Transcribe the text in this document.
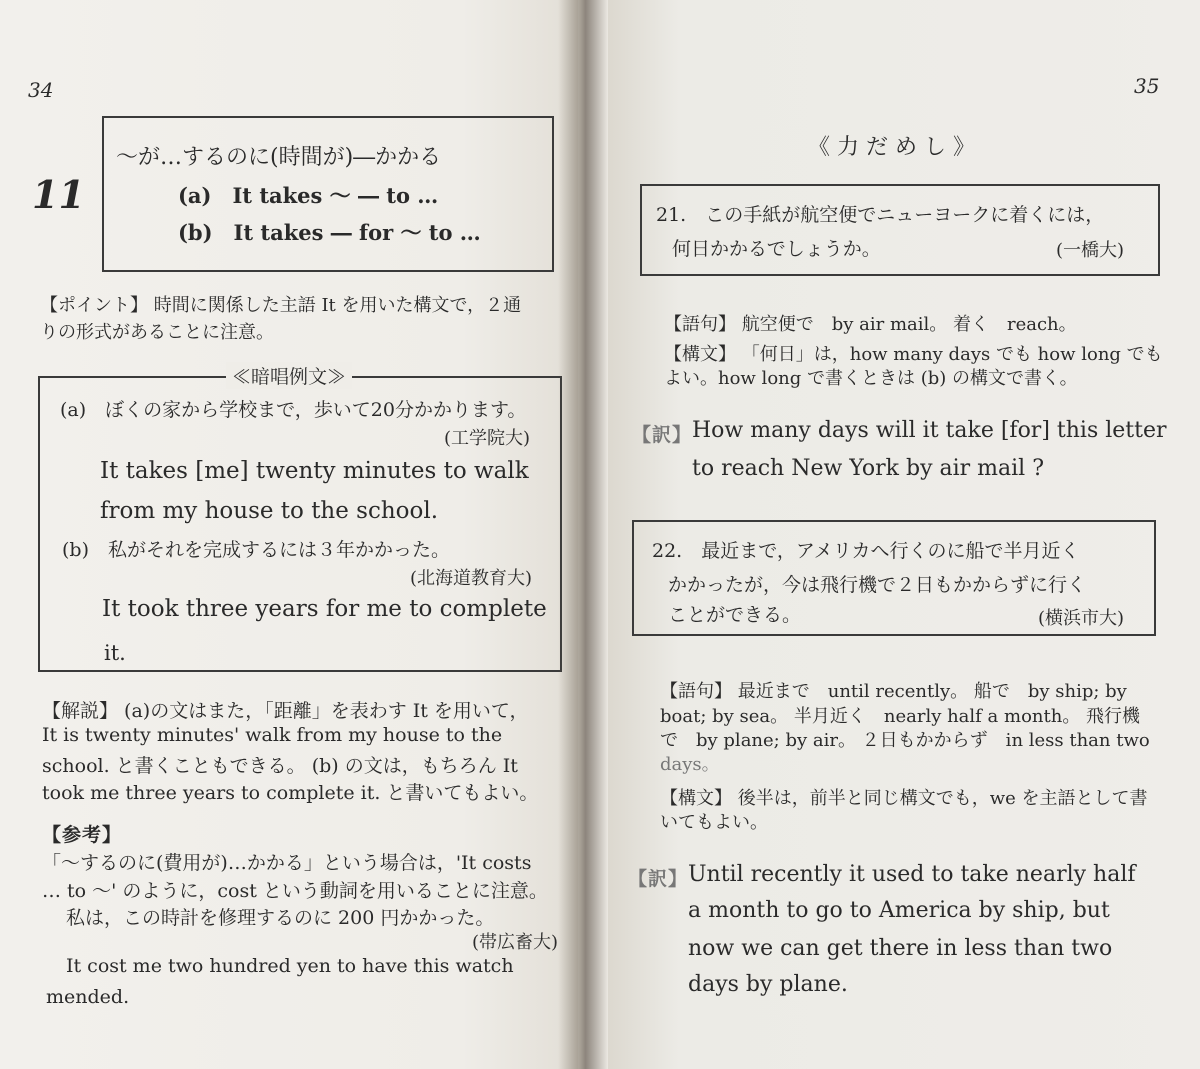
34
11
～が…するのに(時間が)―かかる
(a)　It takes ～ ― to …
(b)　It takes ― for ～ to …
【ポイント】 時間に関係した主語 It を用いた構文で，２通
りの形式があることに注意。
≪暗唱例文≫
(a)　ぼくの家から学校まで，歩いて20分かかります。
(工学院大)
It takes [me] twenty minutes to walk
from my house to the school.
(b)　私がそれを完成するには３年かかった。
(北海道教育大)
It took three years for me to complete
it.
【解説】 (a)の文はまた，「距離」を表わす It を用いて，
It is twenty minutes' walk from my house to the
school. と書くこともできる。 (b) の文は，もちろん It
took me three years to complete it. と書いてもよい。
【参考】
「～するのに(費用が)…かかる」という場合は，'It costs
… to ～' のように，cost という動詞を用いることに注意。
私は，この時計を修理するのに 200 円かかった。
(帯広畜大)
It cost me two hundred yen to have this watch
mended.
35
《 力 だ め し 》
21.　この手紙が航空便でニューヨークに着くには，
何日かかるでしょうか。	(一橋大)
【語句】 航空便で　by air mail。 着く　reach。
【構文】 「何日」は，how many days でも how long でも
よい。how long で書くときは (b) の構文で書く。
【訳】 How many days will it take [for] this letter
to reach New York by air mail ?
22.　最近まで，アメリカへ行くのに船で半月近く
かかったが，今は飛行機で２日もかからずに行く
ことができる。	(横浜市大)
【語句】 最近まで　until recently。 船で　by ship; by
boat; by sea。 半月近く　nearly half a month。 飛行機
で　by plane; by air。 ２日もかからず　in less than two
days。
【構文】 後半は，前半と同じ構文でも，we を主語として書
いてもよい。
【訳】 Until recently it used to take nearly half
a month to go to America by ship, but
now we can get there in less than two
days by plane.
